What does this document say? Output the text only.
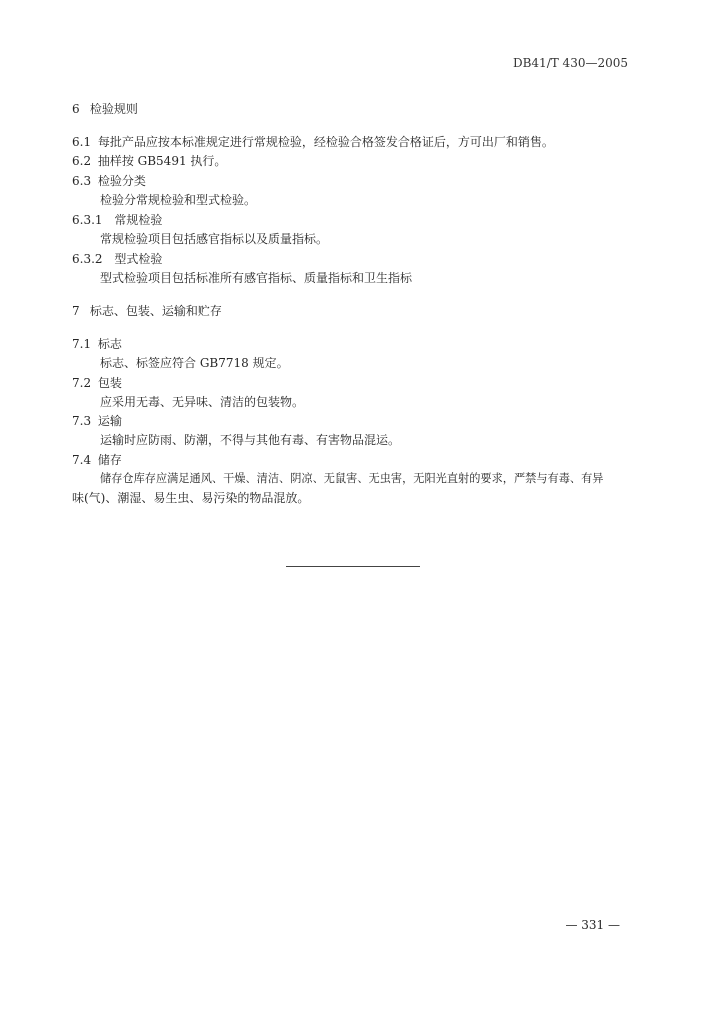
DB41/T 430—2005
6 检验规则
6.1 每批产品应按本标准规定进行常规检验，经检验合格签发合格证后，方可出厂和销售。
6.2 抽样按 GB5491 执行。
6.3 检验分类
检验分常规检验和型式检验。
6.3.1 常规检验
常规检验项目包括感官指标以及质量指标。
6.3.2 型式检验
型式检验项目包括标准所有感官指标、质量指标和卫生指标
7 标志、包装、运输和贮存
7.1 标志
标志、标签应符合 GB7718 规定。
7.2 包装
应采用无毒、无异味、清洁的包装物。
7.3 运输
运输时应防雨、防潮，不得与其他有毒、有害物品混运。
7.4 储存
储存仓库存应满足通风、干燥、清洁、阴凉、无鼠害、无虫害，无阳光直射的要求，严禁与有毒、有异
味(气)、潮湿、易生虫、易污染的物品混放。
— 331 —
